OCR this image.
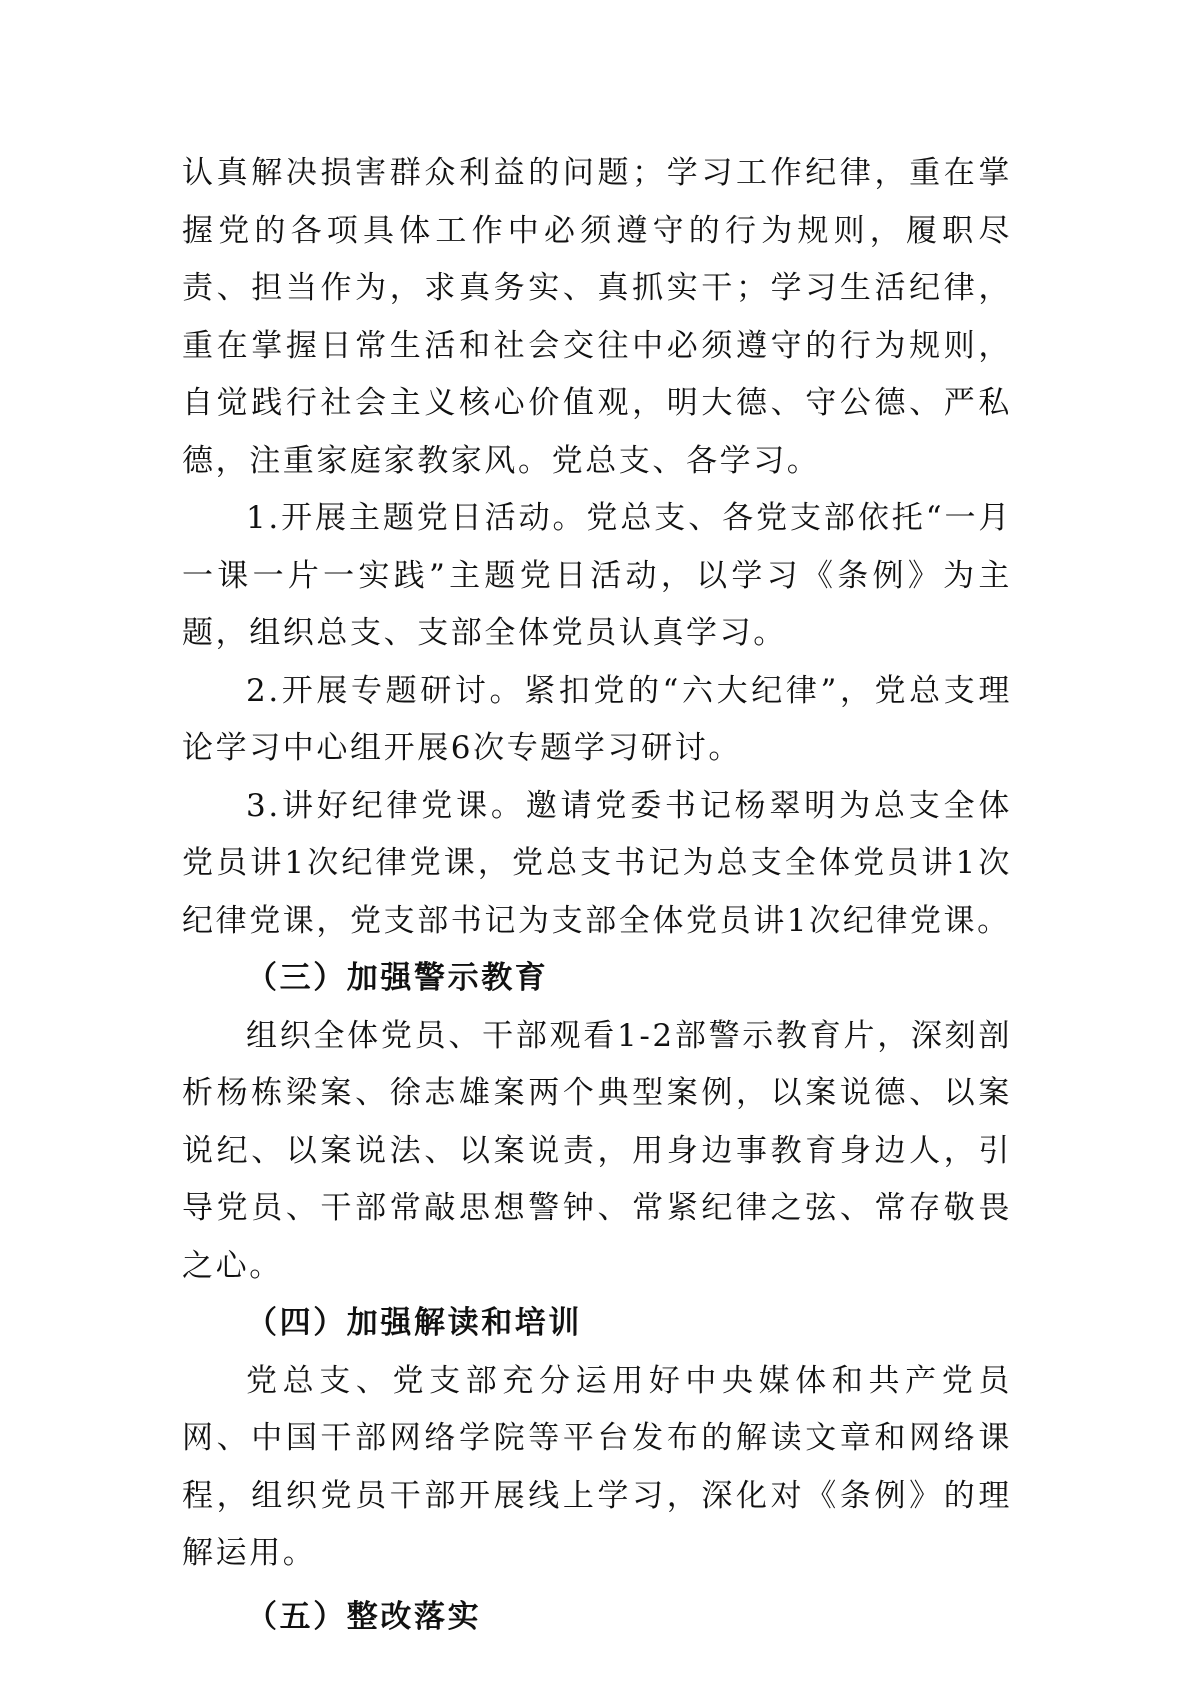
认真解决损害群众利益的问题；学习工作纪律，重在掌握党的各项具体工作中必须遵守的行为规则，履职尽责、担当作为，求真务实、真抓实干；学习生活纪律，重在掌握日常生活和社会交往中必须遵守的行为规则，自觉践行社会主义核心价值观，明大德、守公德、严私德，注重家庭家教家风。党总支、各学习。

1.开展主题党日活动。党总支、各党支部依托“一月一课一片一实践”主题党日活动，以学习《条例》为主题，组织总支、支部全体党员认真学习。

2.开展专题研讨。紧扣党的“六大纪律”，党总支理论学习中心组开展6次专题学习研讨。

3.讲好纪律党课。邀请党委书记杨翠明为总支全体党员讲1次纪律党课，党总支书记为总支全体党员讲1次纪律党课，党支部书记为支部全体党员讲1次纪律党课。

（三）加强警示教育

组织全体党员、干部观看1-2部警示教育片，深刻剖析杨栋梁案、徐志雄案两个典型案例，以案说德、以案说纪、以案说法、以案说责，用身边事教育身边人，引导党员、干部常敲思想警钟、常紧纪律之弦、常存敬畏之心。

（四）加强解读和培训

党总支、党支部充分运用好中央媒体和共产党员网、中国干部网络学院等平台发布的解读文章和网络课程，组织党员干部开展线上学习，深化对《条例》的理解运用。

（五）整改落实
